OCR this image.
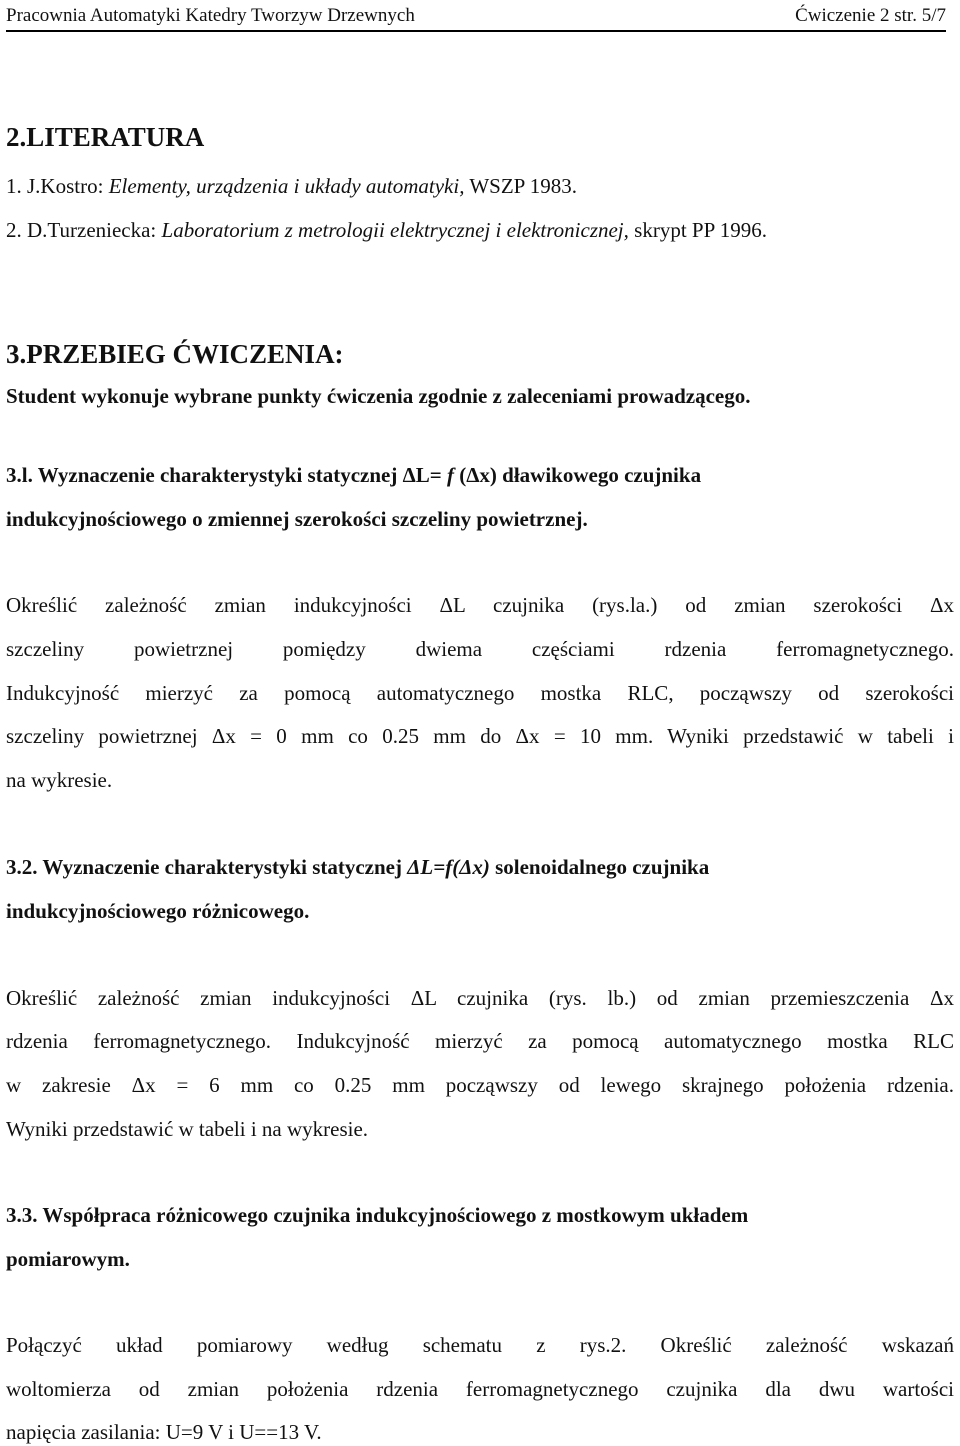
Pracownia Automatyki Katedry Tworzyw Drzewnych	Ćwiczenie 2 str. 5/7
2.LITERATURA
1. J.Kostro: Elementy, urządzenia i układy automatyki, WSZP 1983.
2. D.Turzeniecka: Laboratorium z metrologii elektrycznej i elektronicznej, skrypt PP 1996.
3.PRZEBIEG ĆWICZENIA:
Student wykonuje wybrane punkty ćwiczenia zgodnie z zaleceniami prowadzącego.
3.l. Wyznaczenie charakterystyki statycznej ΔL= f (Δx) dławikowego czujnika
indukcyjnościowego o zmiennej szerokości szczeliny powietrznej.
Określić zależność zmian indukcyjności ΔL czujnika (rys.la.) od zmian szerokości Δx
szczeliny powietrznej pomiędzy dwiema częściami rdzenia ferromagnetycznego.
Indukcyjność mierzyć za pomocą automatycznego mostka RLC, począwszy od szerokości
szczeliny powietrznej Δx = 0 mm co 0.25 mm do Δx = 10 mm. Wyniki przedstawić w tabeli i
na wykresie.
3.2. Wyznaczenie charakterystyki statycznej ΔL=f(Δx) solenoidalnego czujnika
indukcyjnościowego różnicowego.
Określić zależność zmian indukcyjności ΔL czujnika (rys. lb.) od zmian przemieszczenia Δx
rdzenia ferromagnetycznego. Indukcyjność mierzyć za pomocą automatycznego mostka RLC
w zakresie Δx = 6 mm co 0.25 mm począwszy od lewego skrajnego położenia rdzenia.
Wyniki przedstawić w tabeli i na wykresie.
3.3. Współpraca różnicowego czujnika indukcyjnościowego z mostkowym układem
pomiarowym.
Połączyć układ pomiarowy według schematu z rys.2. Określić zależność wskazań
woltomierza od zmian położenia rdzenia ferromagnetycznego czujnika dla dwu wartości
napięcia zasilania: U=9 V i U==13 V.
